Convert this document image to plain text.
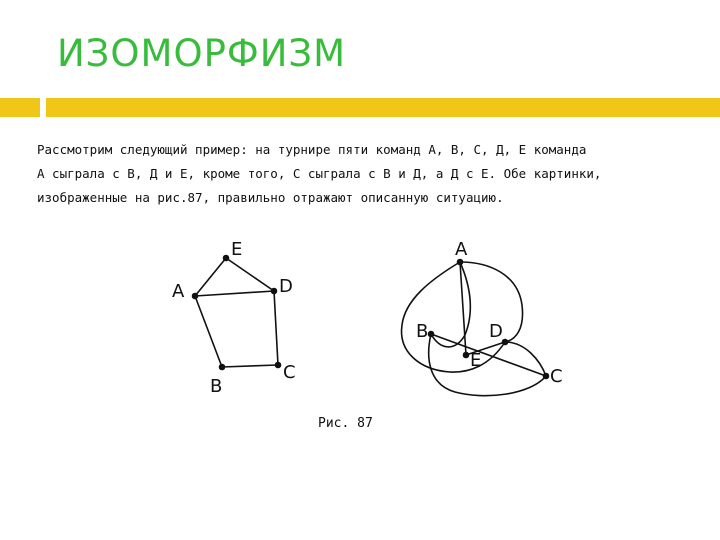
ИЗОМОРФИЗМ
Рассмотрим следующий пример: на турнире пяти команд A, B, C, Д, E команда
A сыграла с B, Д и E, кроме того, C сыграла с B и Д, а Д с E. Обе картинки,
изображенные на рис.87, правильно отражают описанную ситуацию.
E
A	D
B
C
A
B	D
E
C
Рис. 87
